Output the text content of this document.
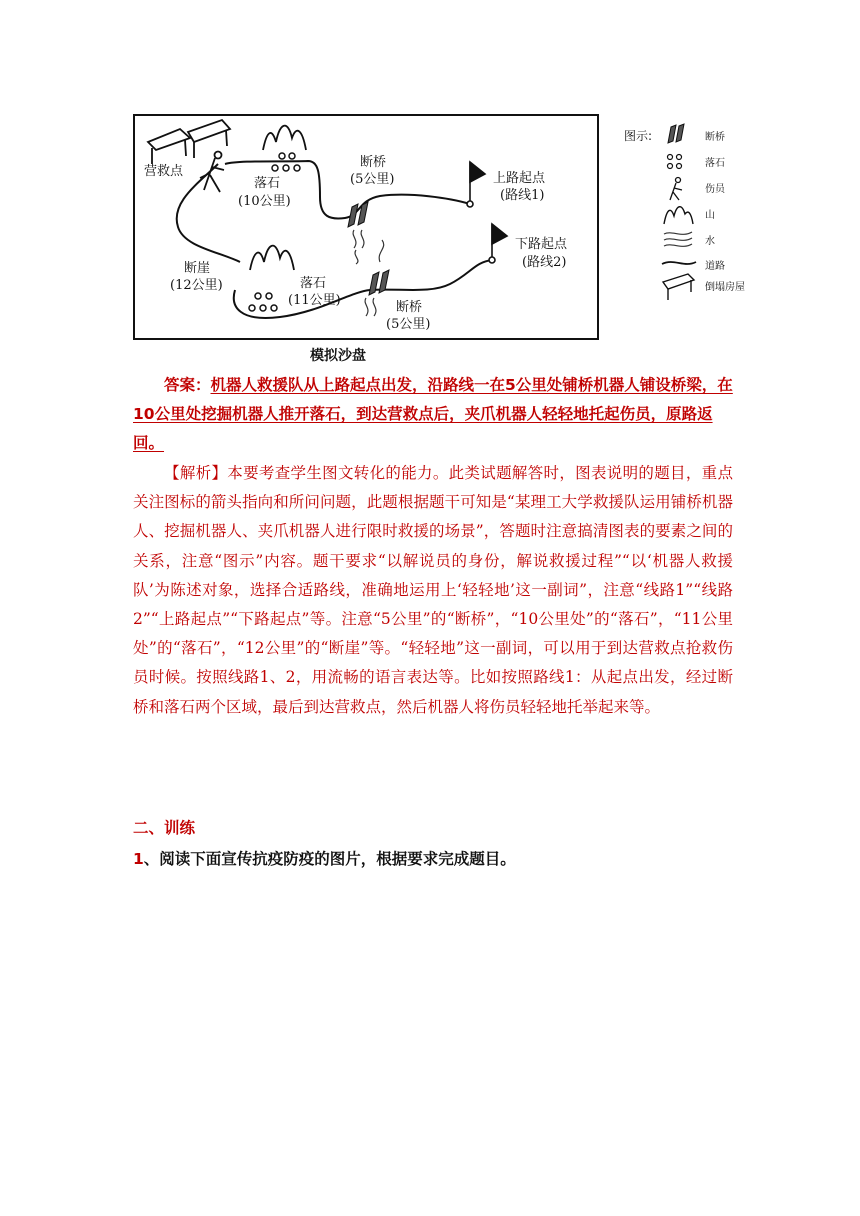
营救点
落石
(10公里)
断桥
(5公里)	上路起点
(路线1)
下路起点
(路线2)
断崖
(12公里)	落石
(11公里)	断桥
(5公里)
模拟沙盘
图示:	断桥
落石
伤员
山
水
道路
倒塌房屋

答案：机器人救援队从上路起点出发，沿路线一在5公里处铺桥机器人铺设桥梁，在10公里处挖掘机器人推开落石，到达营救点后，夹爪机器人轻轻地托起伤员，原路返回。

【解析】本要考查学生图文转化的能力。此类试题解答时，图表说明的题目，重点关注图标的箭头指向和所问问题，此题根据题干可知是“某理工大学救援队运用铺桥机器人、挖掘机器人、夹爪机器人进行限时救援的场景”，答题时注意搞清图表的要素之间的关系，注意“图示”内容。题干要求“以解说员的身份，解说救援过程”“以‘机器人救援队’为陈述对象，选择合适路线，准确地运用上‘轻轻地’这一副词”，注意“线路1”“线路2”“上路起点”“下路起点”等。注意“5公里”的“断桥”，“10公里处”的“落石”，“11公里处”的“落石”，“12公里”的“断崖”等。“轻轻地”这一副词，可以用于到达营救点抢救伤员时候。按照线路1、2，用流畅的语言表达等。比如按照路线1：从起点出发，经过断桥和落石两个区域，最后到达营救点，然后机器人将伤员轻轻地托举起来等。

二、训练

1、阅读下面宣传抗疫防疫的图片，根据要求完成题目。
